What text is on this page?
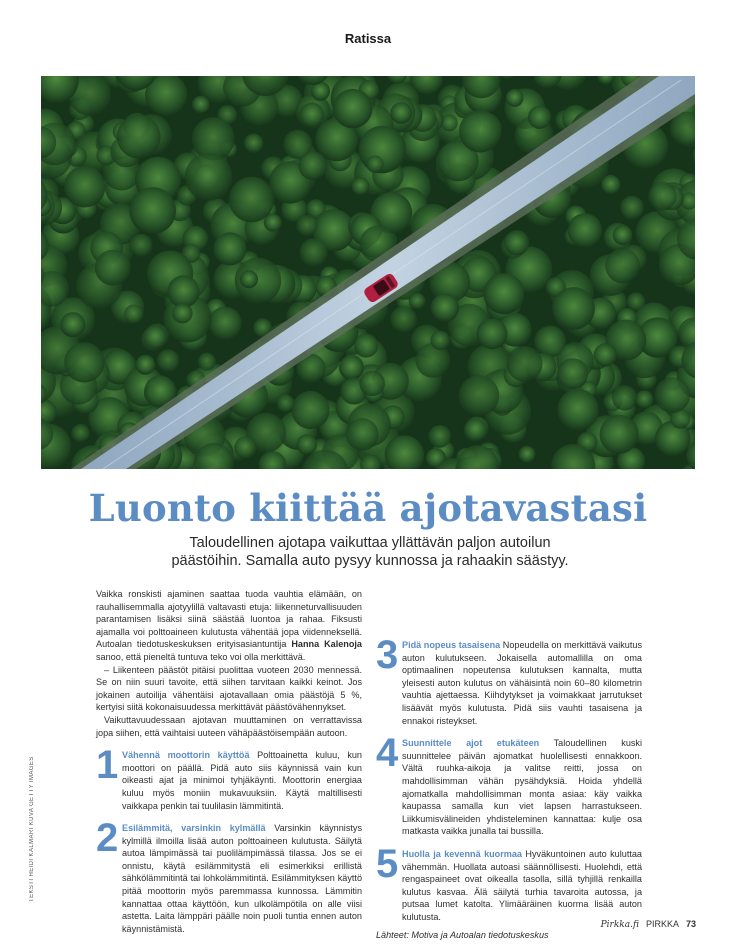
Ratissa
Luonto kiittää ajotavastasi
Taloudellinen ajotapa vaikuttaa yllättävän paljon autoilun päästöihin. Samalla auto pysyy kunnossa ja rahaakin säästyy.

Vaikka ronskisti ajaminen saattaa tuoda vauhtia elämään, on rauhallisemmalla ajotyylillä valtavasti etuja: liikenneturvallisuuden parantamisen lisäksi siinä säästää luontoa ja rahaa. Fiksusti ajamalla voi polttoaineen kulutusta vähentää jopa viidenneksellä. Autoalan tiedotuskeskuksen erityisasiantuntija Hanna Kalenoja sanoo, että pieneltä tuntuva teko voi olla merkittävä.

– Liikenteen päästöt pitäisi puolittaa vuoteen 2030 mennessä. Se on niin suuri tavoite, että siihen tarvitaan kaikki keinot. Jos jokainen autoilija vähentäisi ajotavallaan omia päästöjä 5 %, kertyisi siitä kokonaisuudessa merkittävät päästövähennykset.

Vaikuttavuudessaan ajotavan muuttaminen on verrattavissa jopa siihen, että vaihtaisi uuteen vähäpäästöisempään autoon.

1 Vähennä moottorin käyttöä Polttoainetta kuluu, kun moottori on päällä. Pidä auto siis käynnissä vain kun oikeasti ajat ja minimoi tyhjäkäynti. Moottorin energiaa kuluu myös moniin mukavuuksiin. Käytä maltillisesti vaikkapa penkin tai tuulilasin lämmitintä.

2 Esilämmitä, varsinkin kylmällä Varsinkin käynnistys kylmillä ilmoilla lisää auton polttoaineen kulutusta. Säilytä autoa lämpimässä tai puolilämpimässä tilassa. Jos se ei onnistu, käytä esilämmitystä eli esimerkiksi erillistä sähkölämmitintä tai lohkolämmitintä. Esilämmityksen käyttö pitää moottorin myös paremmassa kunnossa. Lämmitin kannattaa ottaa käyttöön, kun ulkolämpötila on alle viisi astetta. Laita lämppäri päälle noin puoli tuntia ennen auton käynnistämistä.

3 Pidä nopeus tasaisena Nopeudella on merkittävä vaikutus auton kulutukseen. Jokaisella automallilla on oma optimaalinen nopeutensa kulutuksen kannalta, mutta yleisesti auton kulutus on vähäisintä noin 60–80 kilometrin vauhtia ajettaessa. Kiihdytykset ja voimakkaat jarrutukset lisäävät myös kulutusta. Pidä siis vauhti tasaisena ja ennakoi risteykset.

4 Suunnittele ajot etukäteen Taloudellinen kuski suunnittelee päivän ajomatkat huolellisesti ennakkoon. Vältä ruuhka-aikoja ja valitse reitti, jossa on mahdollisimman vähän pysähdyksiä. Hoida yhdellä ajomatkalla mahdollisimman monta asiaa: käy vaikka kaupassa samalla kun viet lapsen harrastukseen. Liikkumisvälineiden yhdisteleminen kannattaa: kulje osa matkasta vaikka junalla tai bussilla.

5 Huolla ja kevennä kuormaa Hyväkuntoinen auto kuluttaa vähemmän. Huollata autoasi säännöllisesti. Huolehdi, että rengaspaineet ovat oikealla tasolla, sillä tyhjillä renkailla kulutus kasvaa. Älä säilytä turhia tavaroita autossa, ja putsaa lumet katolta. Ylimääräinen kuorma lisää auton kulutusta.

Lähteet: Motiva ja Autoalan tiedotuskeskus

TEKSTI HEIDI KALMARI KUVA GETTY IMAGES
Pirkka.fi PIRKKA 73
